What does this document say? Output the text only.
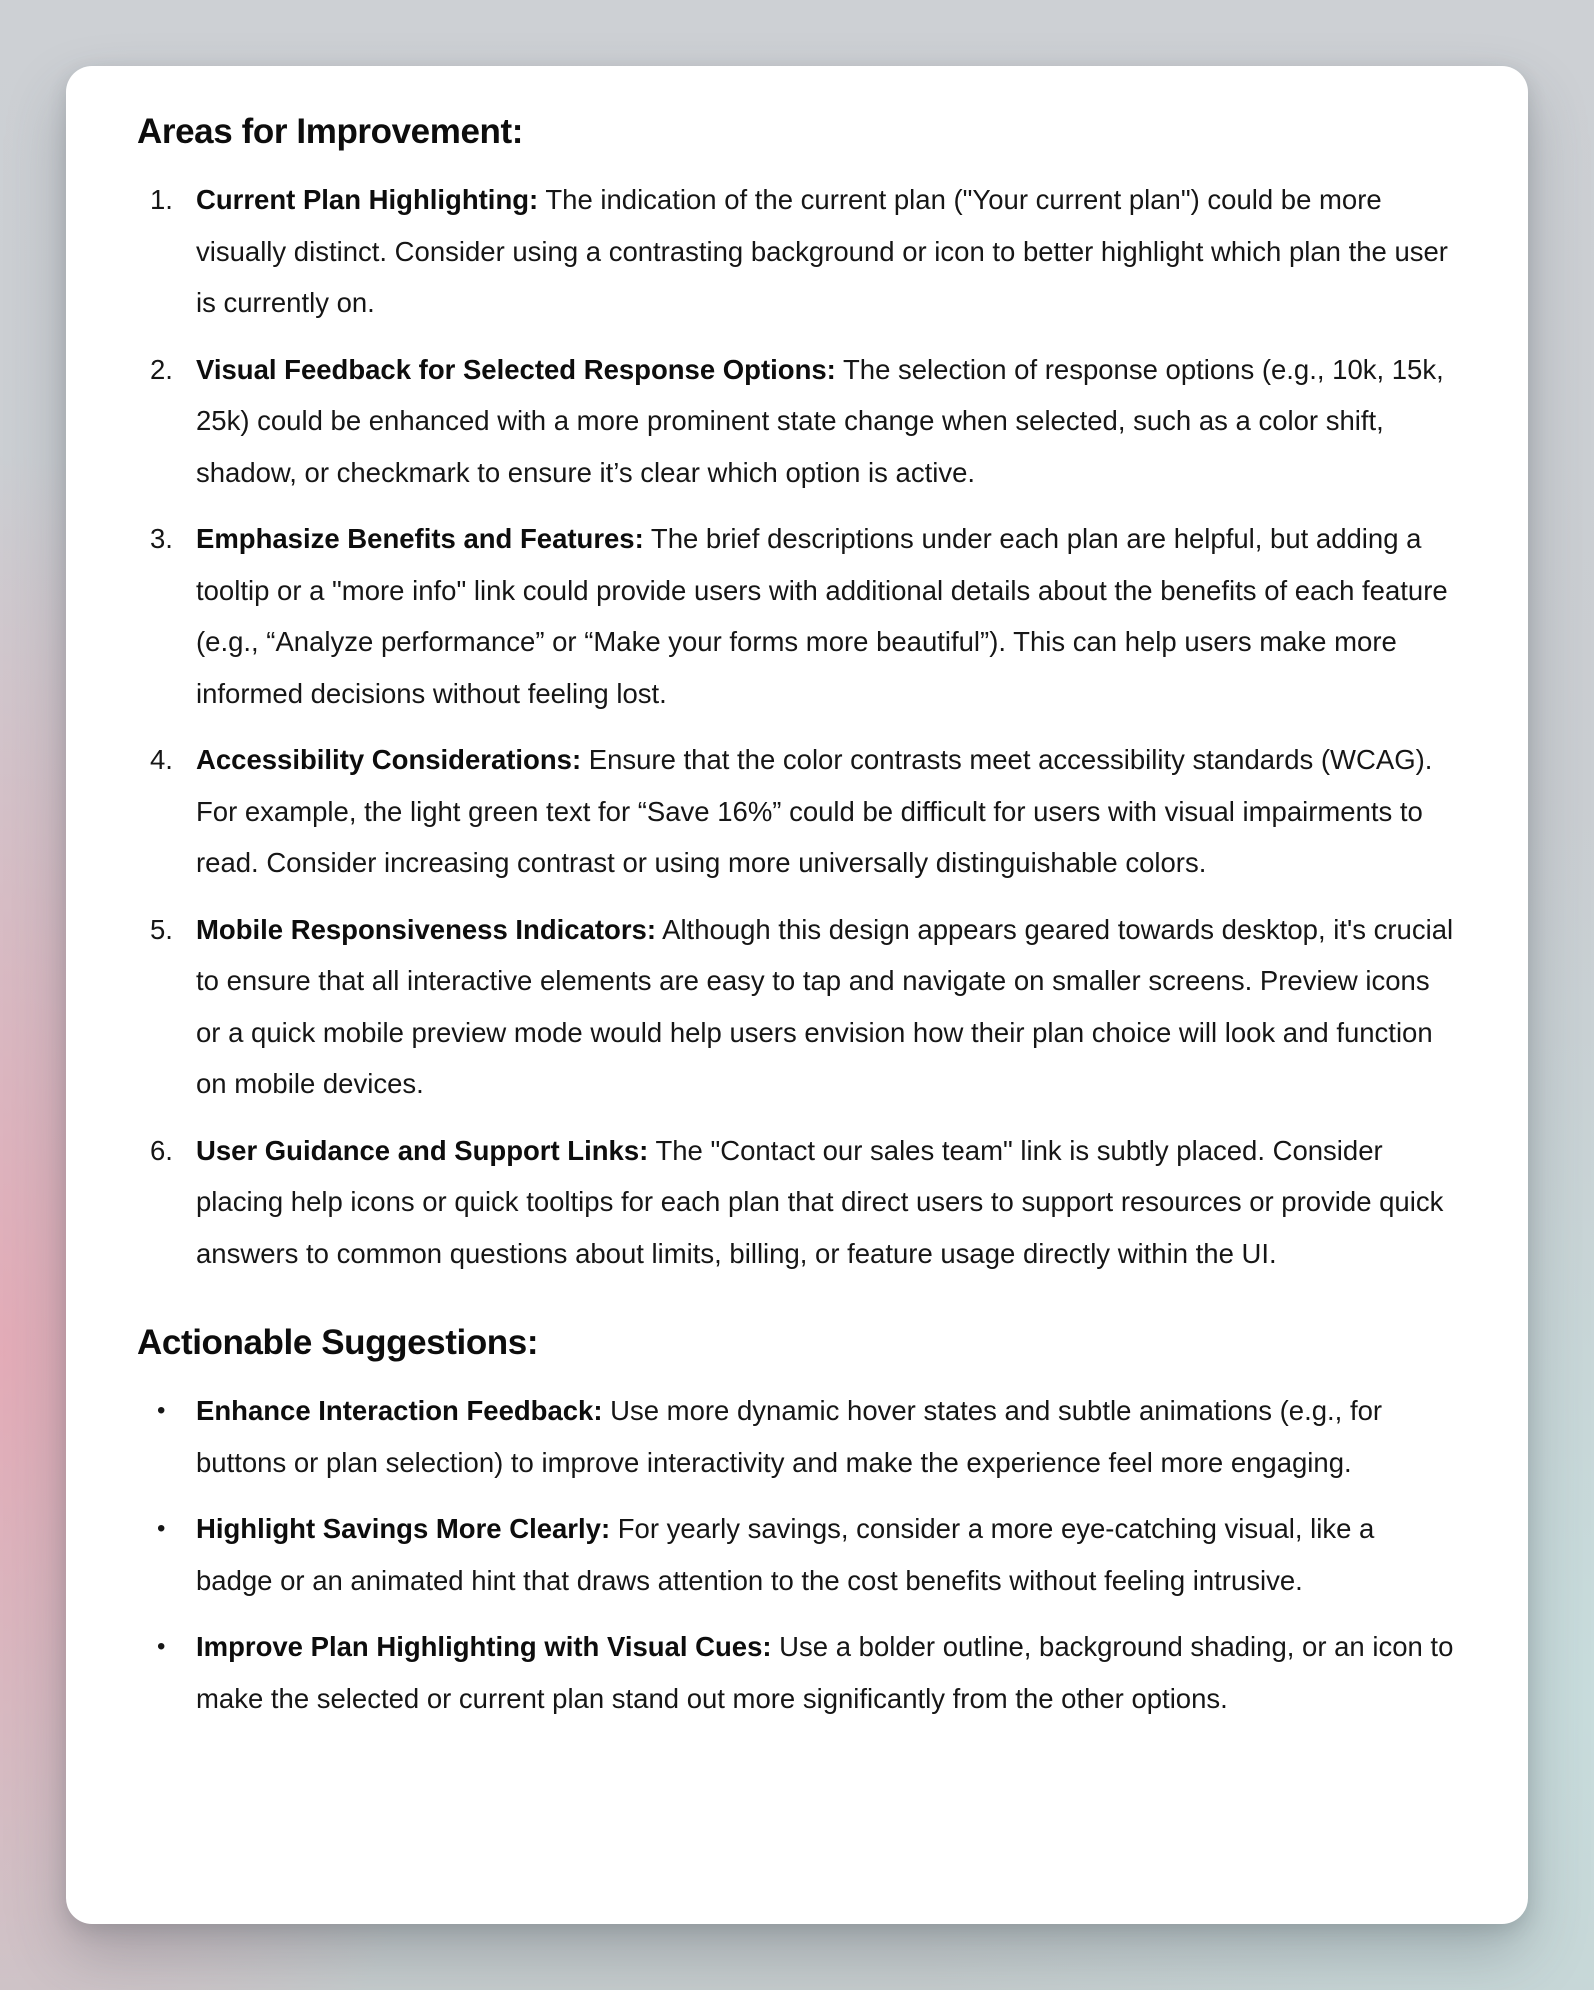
Areas for Improvement:
1. Current Plan Highlighting: The indication of the current plan ("Your current plan") could be more visually distinct. Consider using a contrasting background or icon to better highlight which plan the user is currently on.
2. Visual Feedback for Selected Response Options: The selection of response options (e.g., 10k, 15k, 25k) could be enhanced with a more prominent state change when selected, such as a color shift, shadow, or checkmark to ensure it’s clear which option is active.
3. Emphasize Benefits and Features: The brief descriptions under each plan are helpful, but adding a tooltip or a "more info" link could provide users with additional details about the benefits of each feature (e.g., “Analyze performance” or “Make your forms more beautiful”). This can help users make more informed decisions without feeling lost.
4. Accessibility Considerations: Ensure that the color contrasts meet accessibility standards (WCAG). For example, the light green text for “Save 16%” could be difficult for users with visual impairments to read. Consider increasing contrast or using more universally distinguishable colors.
5. Mobile Responsiveness Indicators: Although this design appears geared towards desktop, it's crucial to ensure that all interactive elements are easy to tap and navigate on smaller screens. Preview icons or a quick mobile preview mode would help users envision how their plan choice will look and function on mobile devices.
6. User Guidance and Support Links: The "Contact our sales team" link is subtly placed. Consider placing help icons or quick tooltips for each plan that direct users to support resources or provide quick answers to common questions about limits, billing, or feature usage directly within the UI.
Actionable Suggestions:
• Enhance Interaction Feedback: Use more dynamic hover states and subtle animations (e.g., for buttons or plan selection) to improve interactivity and make the experience feel more engaging.
• Highlight Savings More Clearly: For yearly savings, consider a more eye-catching visual, like a badge or an animated hint that draws attention to the cost benefits without feeling intrusive.
• Improve Plan Highlighting with Visual Cues: Use a bolder outline, background shading, or an icon to make the selected or current plan stand out more significantly from the other options.
